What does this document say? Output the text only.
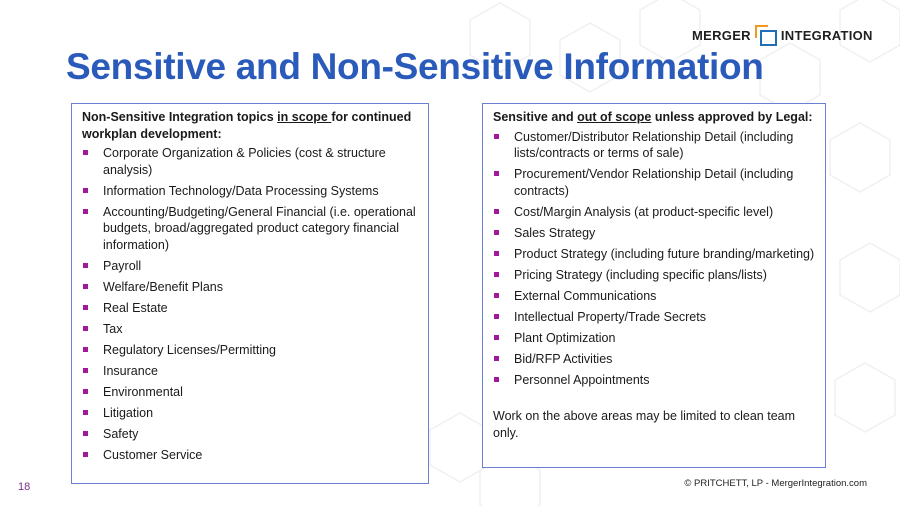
MERGER INTEGRATION
Sensitive and Non-Sensitive Information
Non-Sensitive Integration topics in scope for continued workplan development:
Corporate Organization & Policies (cost & structure analysis)
Information Technology/Data Processing Systems
Accounting/Budgeting/General Financial (i.e. operational budgets, broad/aggregated product category financial information)
Payroll
Welfare/Benefit Plans
Real Estate
Tax
Regulatory Licenses/Permitting
Insurance
Environmental
Litigation
Safety
Customer Service
Sensitive and out of scope unless approved by Legal:
Customer/Distributor Relationship Detail (including lists/contracts or terms of sale)
Procurement/Vendor Relationship Detail (including contracts)
Cost/Margin Analysis (at product-specific level)
Sales Strategy
Product Strategy (including future branding/marketing)
Pricing Strategy (including specific plans/lists)
External Communications
Intellectual Property/Trade Secrets
Plant Optimization
Bid/RFP Activities
Personnel Appointments
Work on the above areas may be limited to clean team only.
18	© PRITCHETT, LP - MergerIntegration.com
